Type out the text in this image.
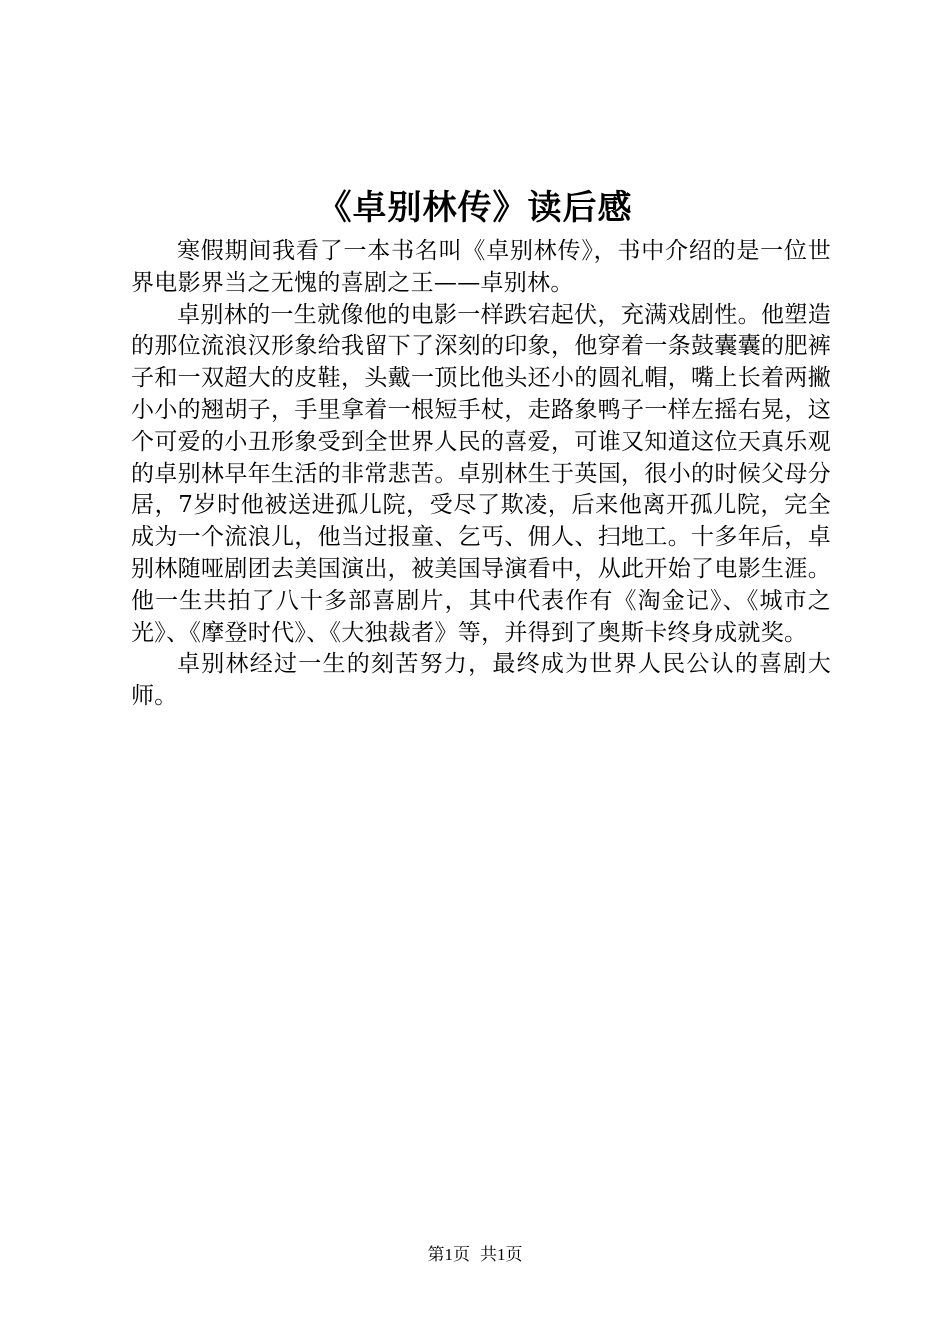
《卓别林传》读后感

寒假期间我看了一本书名叫《卓别林传》，书中介绍的是一位世界电影界当之无愧的喜剧之王——卓别林。

卓别林的一生就像他的电影一样跌宕起伏，充满戏剧性。他塑造的那位流浪汉形象给我留下了深刻的印象，他穿着一条鼓囊囊的肥裤子和一双超大的皮鞋，头戴一顶比他头还小的圆礼帽，嘴上长着两撇小小的翘胡子，手里拿着一根短手杖，走路象鸭子一样左摇右晃，这个可爱的小丑形象受到全世界人民的喜爱，可谁又知道这位天真乐观的卓别林早年生活的非常悲苦。卓别林生于英国，很小的时候父母分居，7岁时他被送进孤儿院，受尽了欺凌，后来他离开孤儿院，完全成为一个流浪儿，他当过报童、乞丐、佣人、扫地工。十多年后，卓别林随哑剧团去美国演出，被美国导演看中，从此开始了电影生涯。他一生共拍了八十多部喜剧片，其中代表作有《淘金记》、《城市之光》、《摩登时代》、《大独裁者》等，并得到了奥斯卡终身成就奖。

卓别林经过一生的刻苦努力，最终成为世界人民公认的喜剧大师。

第1页 共1页
